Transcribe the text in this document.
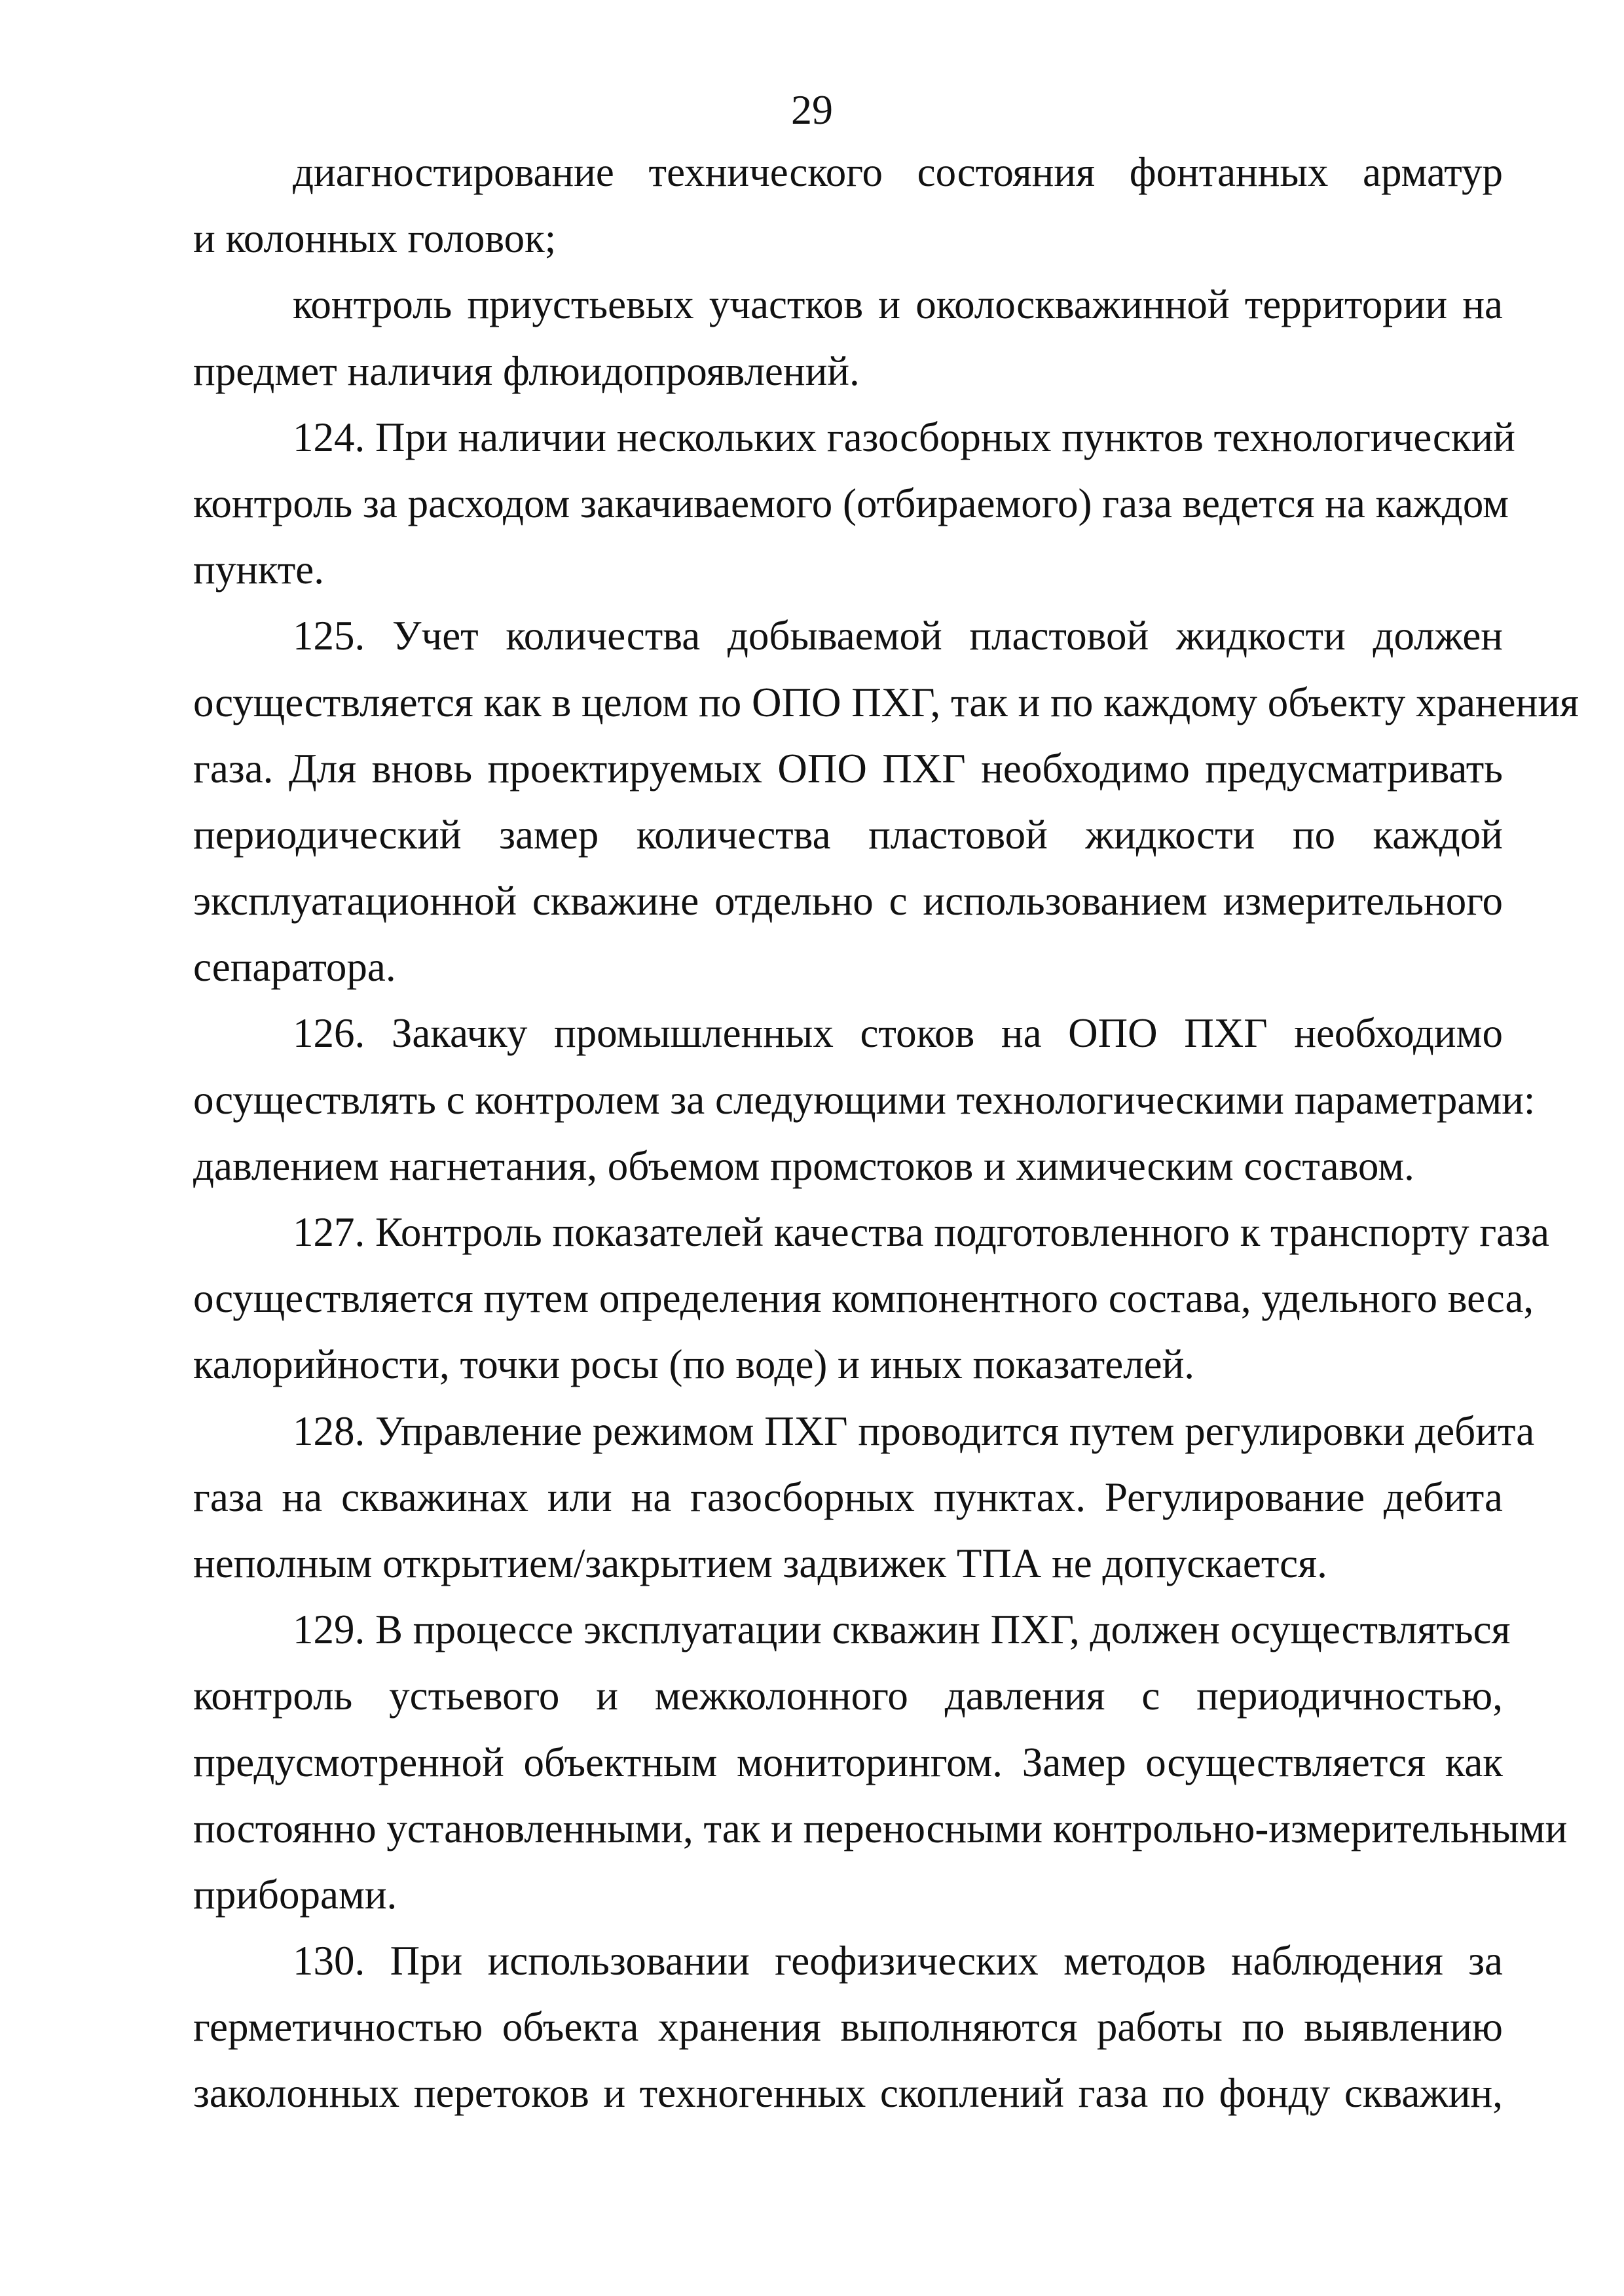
29
диагностирование технического состояния фонтанных арматур
и колонных головок;
контроль приустьевых участков и околоскважинной территории на
предмет наличия флюидопроявлений.
124. При наличии нескольких газосборных пунктов технологический
контроль за расходом закачиваемого (отбираемого) газа ведется на каждом
пункте.
125. Учет количества добываемой пластовой жидкости должен
осуществляется как в целом по ОПО ПХГ, так и по каждому объекту хранения
газа. Для вновь проектируемых ОПО ПХГ необходимо предусматривать
периодический замер количества пластовой жидкости по каждой
эксплуатационной скважине отдельно с использованием измерительного
сепаратора.
126. Закачку промышленных стоков на ОПО ПХГ необходимо
осуществлять с контролем за следующими технологическими параметрами:
давлением нагнетания, объемом промстоков и химическим составом.
127. Контроль показателей качества подготовленного к транспорту газа
осуществляется путем определения компонентного состава, удельного веса,
калорийности, точки росы (по воде) и иных показателей.
128. Управление режимом ПХГ проводится путем регулировки дебита
газа на скважинах или на газосборных пунктах. Регулирование дебита
неполным открытием/закрытием задвижек ТПА не допускается.
129. В процессе эксплуатации скважин ПХГ, должен осуществляться
контроль устьевого и межколонного давления с периодичностью,
предусмотренной объектным мониторингом. Замер осуществляется как
постоянно установленными, так и переносными контрольно-измерительными
приборами.
130. При использовании геофизических методов наблюдения за
герметичностью объекта хранения выполняются работы по выявлению
заколонных перетоков и техногенных скоплений газа по фонду скважин,
